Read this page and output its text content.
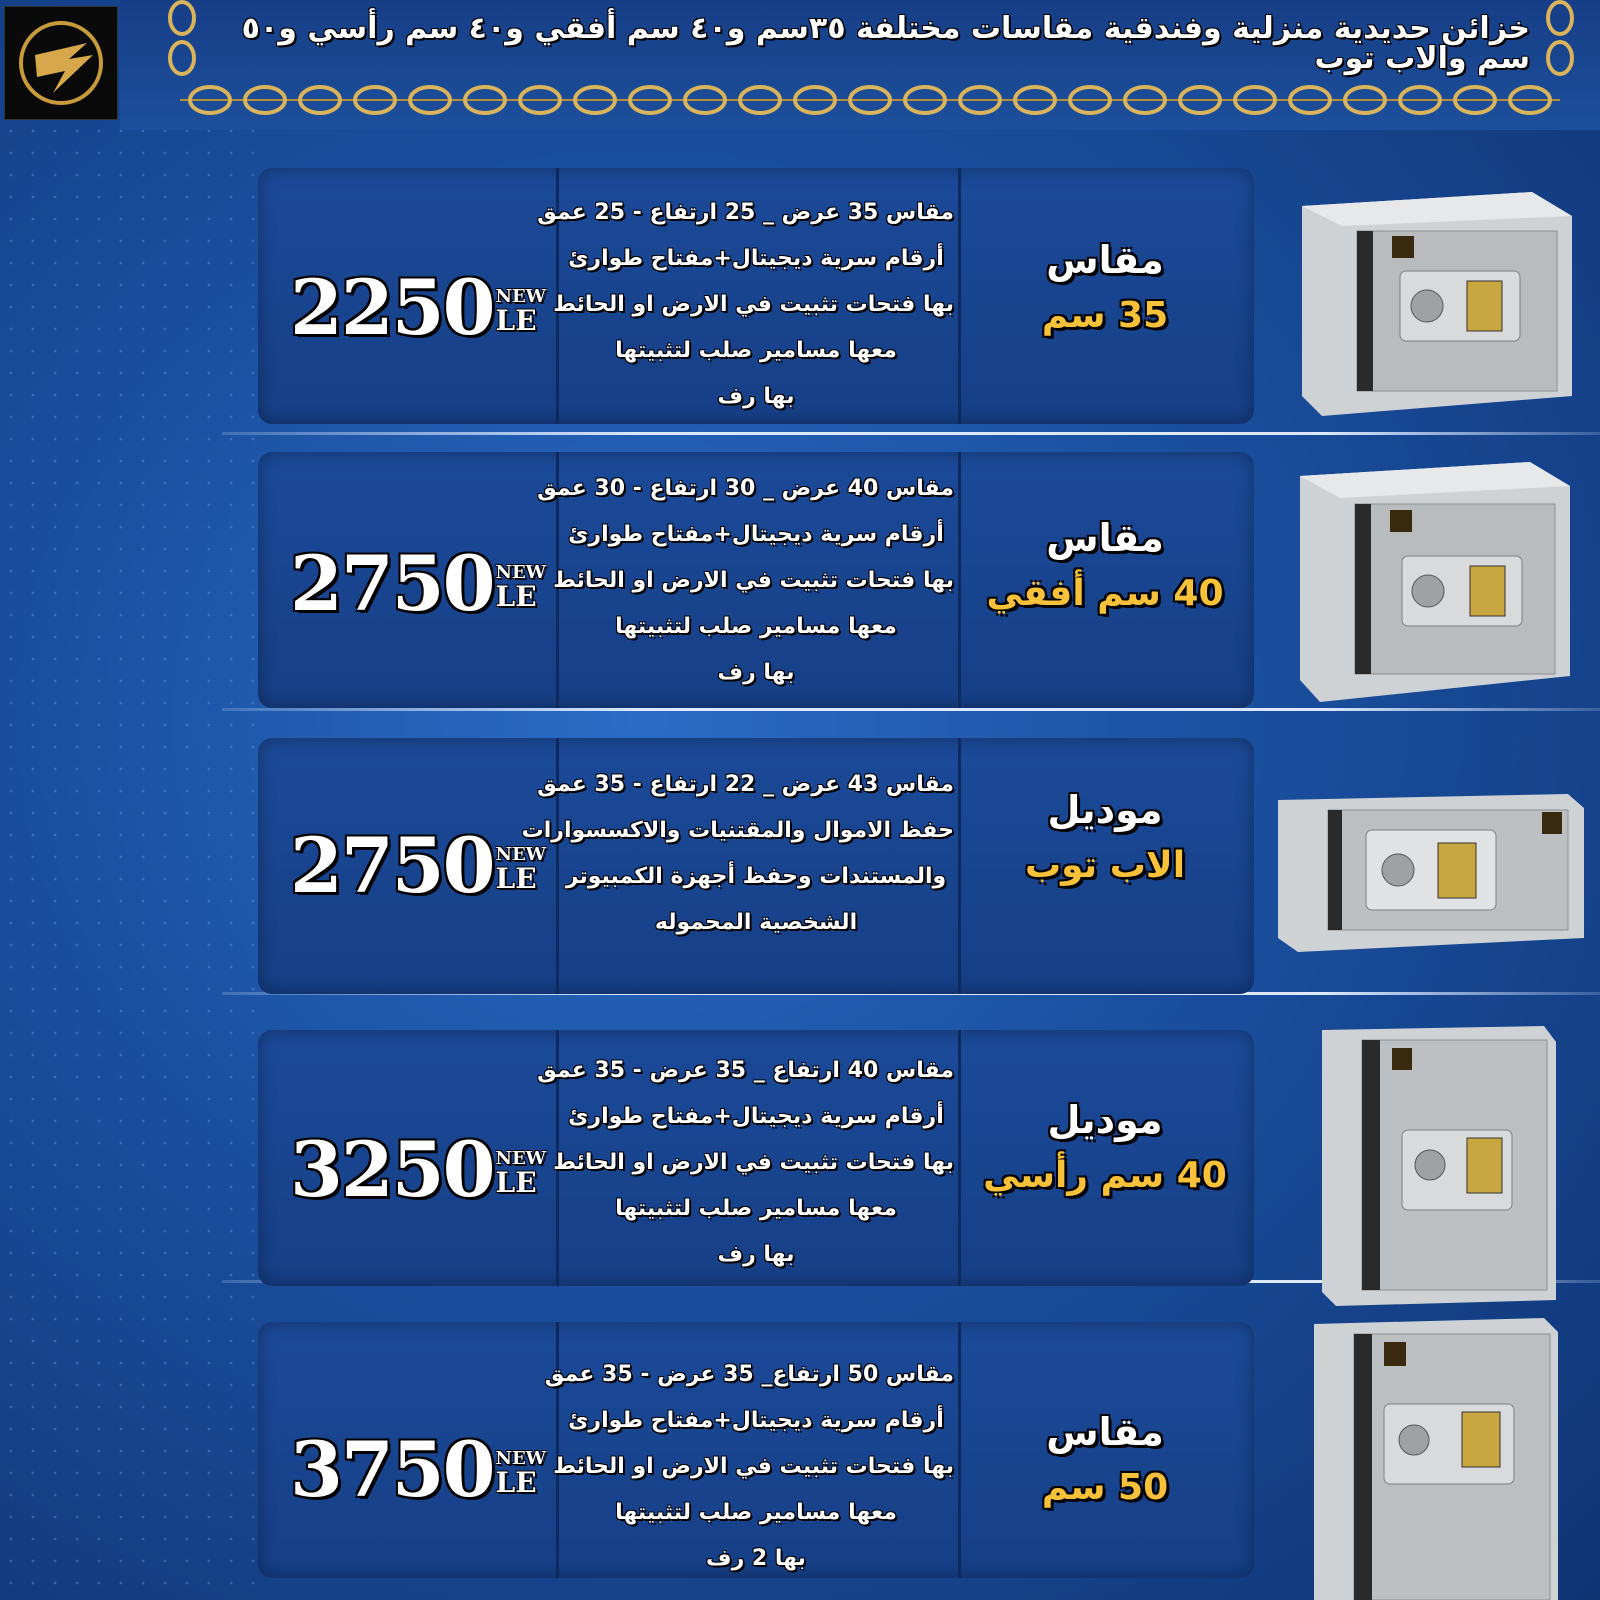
خزائن حديدية منزلية وفندقية مقاسات مختلفة ٣٥سم و٤٠ سم أفقي و٤٠ سم رأسي و٥٠ سم والاب توب
2250 NEW
LE
مقاس 35 عرض _ 25 ارتفاع - 25 عمق
أرقام سرية ديجيتال+مفتاح طوارئ
بها فتحات تثبيت في الارض او الحائط
معها مسامير صلب لتثبيتها
بها رف
مقاس
35 سم
2750 NEW
LE
مقاس 40 عرض _ 30 ارتفاع - 30 عمق
أرقام سرية ديجيتال+مفتاح طوارئ
بها فتحات تثبيت في الارض او الحائط
معها مسامير صلب لتثبيتها
بها رف
مقاس
40 سم أفقي
2750 NEW
LE
مقاس 43 عرض _ 22 ارتفاع - 35 عمق
حفظ الاموال والمقتنيات والاكسسوارات
والمستندات وحفظ أجهزة الكمبيوتر
الشخصية المحموله
موديل
الاب توب
3250 NEW
LE
مقاس 40 ارتفاع _ 35 عرض - 35 عمق
أرقام سرية ديجيتال+مفتاح طوارئ
بها فتحات تثبيت في الارض او الحائط
معها مسامير صلب لتثبيتها
بها رف
موديل
40 سم رأسي
3750 NEW
LE
مقاس 50 ارتفاع_ 35 عرض - 35 عمق
أرقام سرية ديجيتال+مفتاح طوارئ
بها فتحات تثبيت في الارض او الحائط
معها مسامير صلب لتثبيتها
بها 2 رف
مقاس
50 سم
